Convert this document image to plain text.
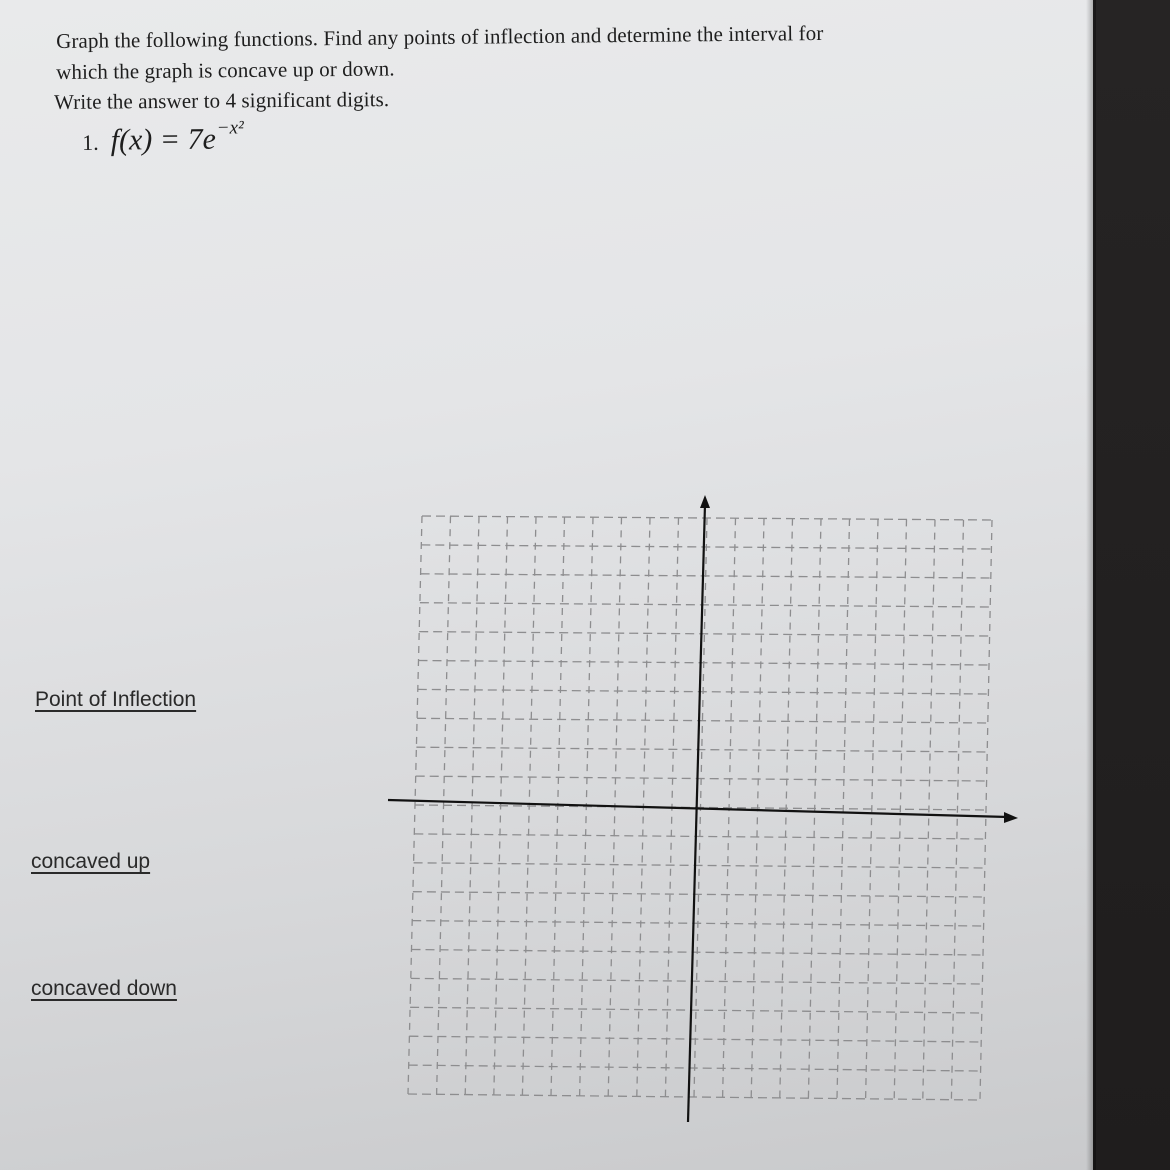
Graph the following functions. Find any points of inflection and determine the interval for
which the graph is concave up or down.
Write the answer to 4 significant digits.
1. $f(x) = 7e^{-x^2}$
Point of Inflection
concaved up
concaved down
